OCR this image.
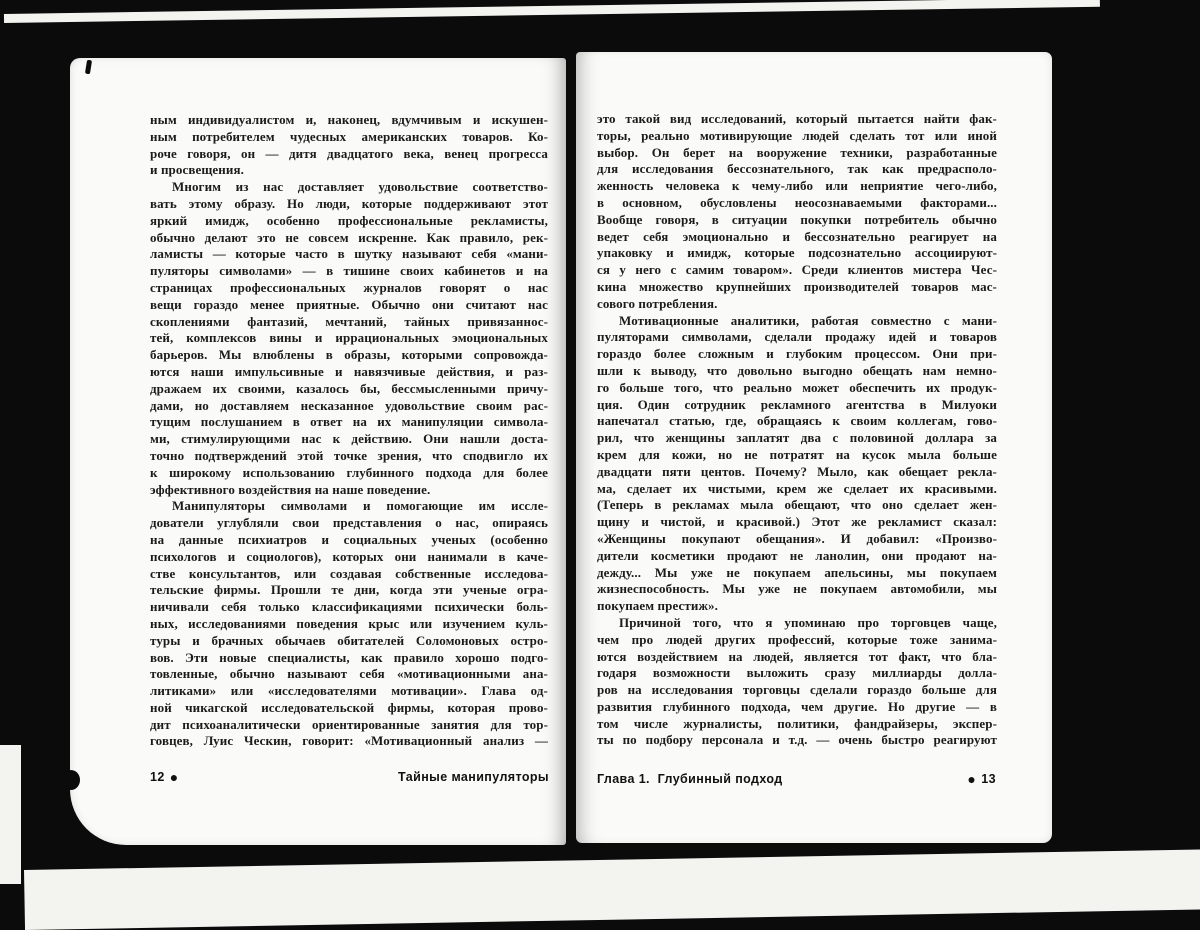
ным индивидуалистом и, наконец, вдумчивым и искушен-
ным потребителем чудесных американских товаров. Ко-
роче говоря, он — дитя двадцатого века, венец прогресса
и просвещения.
Многим из нас доставляет удовольствие соответство-
вать этому образу. Но люди, которые поддерживают этот
яркий имидж, особенно профессиональные рекламисты,
обычно делают это не совсем искренне. Как правило, рек-
ламисты — которые часто в шутку называют себя «мани-
пуляторы символами» — в тишине своих кабинетов и на
страницах профессиональных журналов говорят о нас
вещи гораздо менее приятные. Обычно они считают нас
скоплениями фантазий, мечтаний, тайных привязаннос-
тей, комплексов вины и иррациональных эмоциональных
барьеров. Мы влюблены в образы, которыми сопровожда-
ются наши импульсивные и навязчивые действия, и раз-
дражаем их своими, казалось бы, бессмысленными причу-
дами, но доставляем несказанное удовольствие своим рас-
тущим послушанием в ответ на их манипуляции символа-
ми, стимулирующими нас к действию. Они нашли доста-
точно подтверждений этой точке зрения, что сподвигло их
к широкому использованию глубинного подхода для более
эффективного воздействия на наше поведение.
Манипуляторы символами и помогающие им иссле-
дователи углубляли свои представления о нас, опираясь
на данные психиатров и социальных ученых (особенно
психологов и социологов), которых они нанимали в каче-
стве консультантов, или создавая собственные исследова-
тельские фирмы. Прошли те дни, когда эти ученые огра-
ничивали себя только классификациями психически боль-
ных, исследованиями поведения крыс или изучением куль-
туры и брачных обычаев обитателей Соломоновых остро-
вов. Эти новые специалисты, как правило хорошо подго-
товленные, обычно называют себя «мотивационными ана-
литиками» или «исследователями мотивации». Глава од-
ной чикагской исследовательской фирмы, которая прово-
дит психоаналитически ориентированные занятия для тор-
говцев, Луис Ческин, говорит: «Мотивационный анализ —
12 ●	Тайные манипуляторы
это такой вид исследований, который пытается найти фак-
торы, реально мотивирующие людей сделать тот или иной
выбор. Он берет на вооружение техники, разработанные
для исследования бессознательного, так как предрасполо-
женность человека к чему-либо или неприятие чего-либо,
в основном, обусловлены неосознаваемыми факторами...
Вообще говоря, в ситуации покупки потребитель обычно
ведет себя эмоционально и бессознательно реагирует на
упаковку и имидж, которые подсознательно ассоциируют-
ся у него с самим товаром». Среди клиентов мистера Чес-
кина множество крупнейших производителей товаров мас-
сового потребления.
Мотивационные аналитики, работая совместно с мани-
пуляторами символами, сделали продажу идей и товаров
гораздо более сложным и глубоким процессом. Они при-
шли к выводу, что довольно выгодно обещать нам немно-
го больше того, что реально может обеспечить их продук-
ция. Один сотрудник рекламного агентства в Милуоки
напечатал статью, где, обращаясь к своим коллегам, гово-
рил, что женщины заплатят два с половиной доллара за
крем для кожи, но не потратят на кусок мыла больше
двадцати пяти центов. Почему? Мыло, как обещает рекла-
ма, сделает их чистыми, крем же сделает их красивыми.
(Теперь в рекламах мыла обещают, что оно сделает жен-
щину и чистой, и красивой.) Этот же рекламист сказал:
«Женщины покупают обещания». И добавил: «Произво-
дители косметики продают не ланолин, они продают на-
дежду... Мы уже не покупаем апельсины, мы покупаем
жизнеспособность. Мы уже не покупаем автомобили, мы
покупаем престиж».
Причиной того, что я упоминаю про торговцев чаще,
чем про людей других профессий, которые тоже занима-
ются воздействием на людей, является тот факт, что бла-
годаря возможности выложить сразу миллиарды долла-
ров на исследования торговцы сделали гораздо больше для
развития глубинного подхода, чем другие. Но другие — в
том числе журналисты, политики, фандрайзеры, экспер-
ты по подбору персонала и т.д. — очень быстро реагируют
Глава 1.  Глубинный подход	● 13
